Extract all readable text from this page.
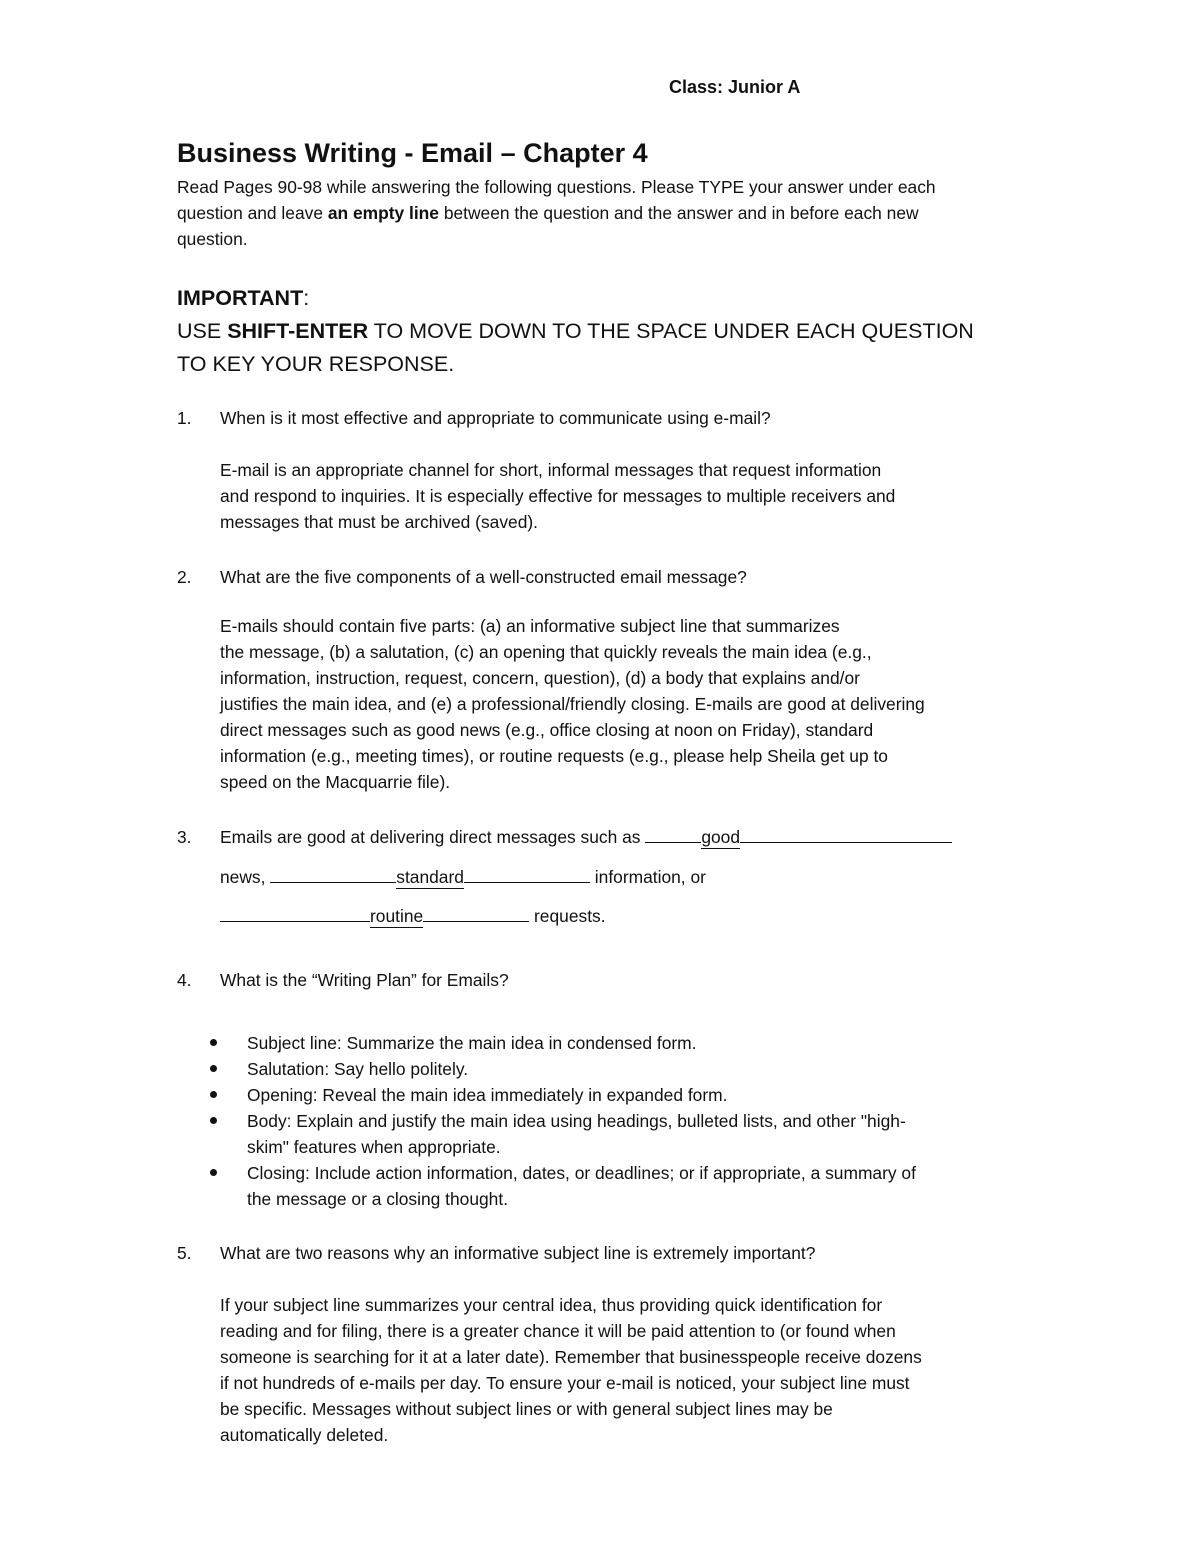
Class: Junior A
Business Writing - Email – Chapter 4
Read Pages 90-98 while answering the following questions. Please TYPE your answer under each
question and leave an empty line between the question and the answer and in before each new
question.
IMPORTANT:
USE SHIFT-ENTER TO MOVE DOWN TO THE SPACE UNDER EACH QUESTION
TO KEY YOUR RESPONSE.
1. When is it most effective and appropriate to communicate using e-mail?
E-mail is an appropriate channel for short, informal messages that request information
and respond to inquiries. It is especially effective for messages to multiple receivers and
messages that must be archived (saved).
2. What are the five components of a well-constructed email message?
E-mails should contain five parts: (a) an informative subject line that summarizes
the message, (b) a salutation, (c) an opening that quickly reveals the main idea (e.g.,
information, instruction, request, concern, question), (d) a body that explains and/or
justifies the main idea, and (e) a professional/friendly closing. E-mails are good at delivering
direct messages such as good news (e.g., office closing at noon on Friday), standard
information (e.g., meeting times), or routine requests (e.g., please help Sheila get up to
speed on the Macquarrie file).
3. Emails are good at delivering direct messages such as	good
news,	standard	information, or
routine	requests.
4. What is the “Writing Plan” for Emails?
Subject line: Summarize the main idea in condensed form.
Salutation: Say hello politely.
Opening: Reveal the main idea immediately in expanded form.
Body: Explain and justify the main idea using headings, bulleted lists, and other "high-
skim" features when appropriate.
Closing: Include action information, dates, or deadlines; or if appropriate, a summary of
the message or a closing thought.
5. What are two reasons why an informative subject line is extremely important?
If your subject line summarizes your central idea, thus providing quick identification for
reading and for filing, there is a greater chance it will be paid attention to (or found when
someone is searching for it at a later date). Remember that businesspeople receive dozens
if not hundreds of e-mails per day. To ensure your e-mail is noticed, your subject line must
be specific. Messages without subject lines or with general subject lines may be
automatically deleted.
